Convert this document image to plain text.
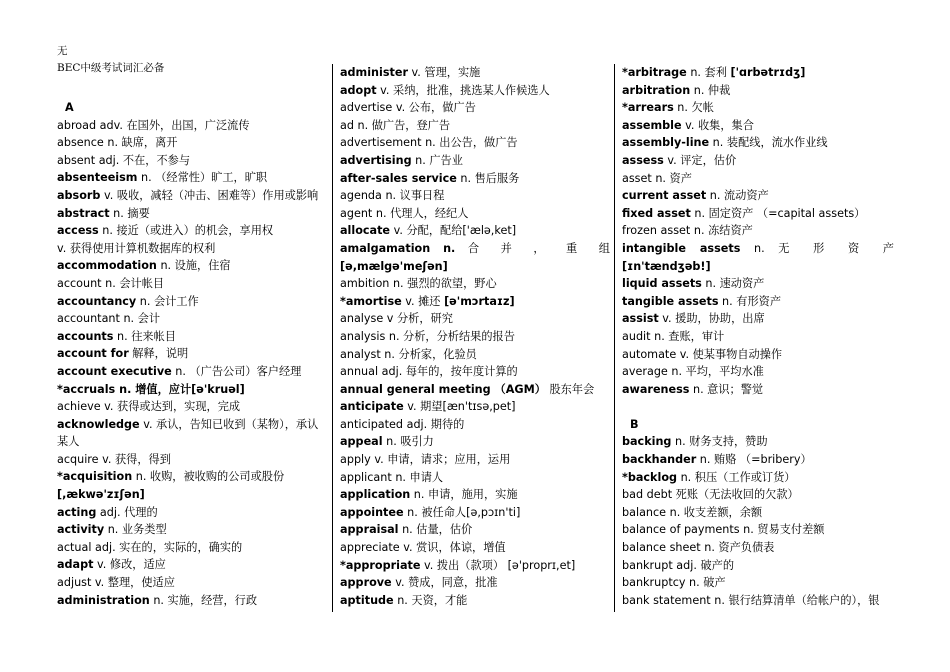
无
BEC中级考试词汇必备
A
abroad adv. 在国外，出国，广泛流传
absence n. 缺席，离开
absent adj. 不在，不参与
absenteeism n. （经常性）旷工，旷职
absorb v. 吸收，减轻（冲击、困难等）作用或影响
abstract n. 摘要
access n. 接近（或进入）的机会，享用权
v. 获得使用计算机数据库的权利
accommodation n. 设施，住宿
account n. 会计帐目
accountancy n. 会计工作
accountant n. 会计
accounts n. 往来帐目
account for 解释，说明
account executive n. （广告公司）客户经理
*accruals n. 增值，应计[ə'kruəl]
achieve v. 获得或达到，实现，完成
acknowledge v. 承认，告知已收到（某物），承认某人
acquire v. 获得，得到
*acquisition n. 收购，被收购的公司或股份
[,ækwə'zɪʃən]
acting adj. 代理的
activity n. 业务类型
actual adj. 实在的，实际的，确实的
adapt v. 修改，适应
adjust v. 整理，使适应
administration n. 实施，经营，行政
administer v. 管理，实施
adopt v. 采纳，批准，挑选某人作候选人
advertise v. 公布，做广告
ad n. 做广告，登广告
advertisement n. 出公告，做广告
advertising n. 广告业
after-sales service n. 售后服务
agenda n. 议事日程
agent n. 代理人，经纪人
allocate v. 分配，配给['ælə,ket]
amalgamation n. 合 并 ， 重 组
[ə,mælgə'meʃən]
ambition n. 强烈的欲望，野心
*amortise v. 摊还 [ə'mɔrtaɪz]
analyse v 分析，研究
analysis n. 分析，分析结果的报告
analyst n. 分析家，化验员
annual adj. 每年的，按年度计算的
annual general meeting （AGM） 股东年会
anticipate v. 期望[æn'tɪsə,pet]
anticipated adj. 期待的
appeal n. 吸引力
apply v. 申请，请求；应用，运用
applicant n. 申请人
application n. 申请，施用，实施
appointee n. 被任命人[ə,pɔɪn'ti]
appraisal n. 估量，估价
appreciate v. 赏识，体谅，增值
*appropriate v. 拨出（款项） [ə'proprɪ,et]
approve v. 赞成，同意，批准
aptitude n. 天资，才能
*arbitrage n. 套利 ['ɑrbətrɪdʒ]
arbitration n. 仲裁
*arrears n. 欠帐
assemble v. 收集，集合
assembly-line n. 装配线，流水作业线
assess v. 评定，估价
asset n. 资产
current asset n. 流动资产
fixed asset n. 固定资产 （=capital assets）
frozen asset n. 冻结资产
intangible assets n. 无 形 资 产
[ɪn'tændʒəb!]
liquid assets n. 速动资产
tangible assets n. 有形资产
assist v. 援助，协助，出席
audit n. 查账，审计
automate v. 使某事物自动操作
average n. 平均，平均水准
awareness n. 意识；警觉
B
backing n. 财务支持，赞助
backhander n. 贿赂 （=bribery）
*backlog n. 积压（工作或订货）
bad debt 死账（无法收回的欠款）
balance n. 收支差额，余额
balance of payments n. 贸易支付差额
balance sheet n. 资产负债表
bankrupt adj. 破产的
bankruptcy n. 破产
bank statement n. 银行结算清单（给帐户的），银
